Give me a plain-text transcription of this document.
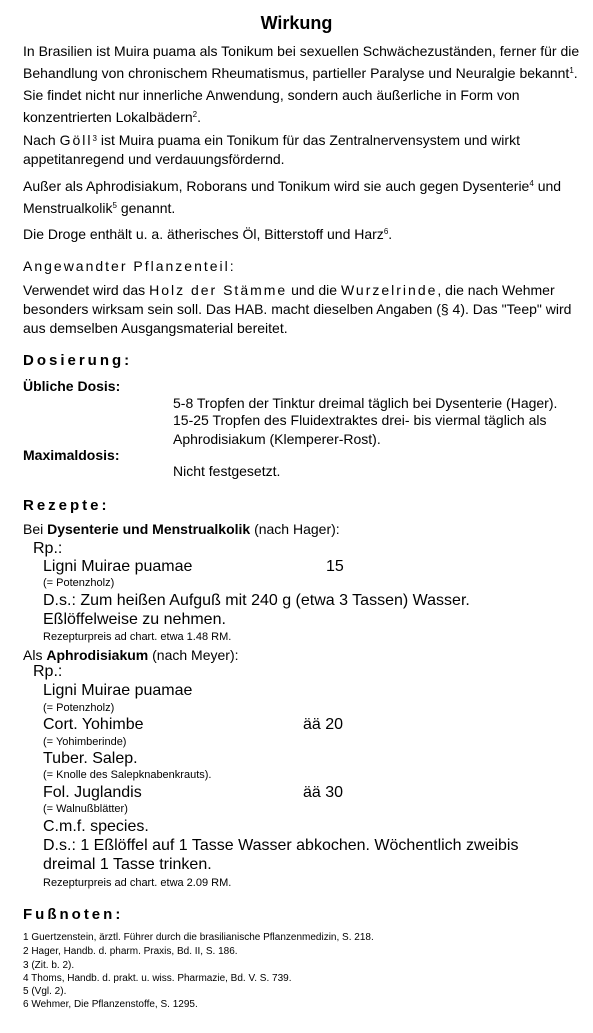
Wirkung

In Brasilien ist Muira puama als Tonikum bei sexuellen Schwächezuständen, ferner für die Behandlung von chronischem Rheumatismus, partieller Paralyse und Neuralgie bekannt$^1$. Sie findet nicht nur innerliche Anwendung, sondern auch äußerliche in Form von konzentrierten Lokalbädern$^2$.

Nach Göll$^3$ ist Muira puama ein Tonikum für das Zentralnervensystem und wirkt appetitanregend und verdauungsfördernd.

Außer als Aphrodisiakum, Roborans und Tonikum wird sie auch gegen Dysenterie$^4$ und Menstrualkolik$^5$ genannt.

Die Droge enthält u. a. ätherisches Öl, Bitterstoff und Harz$^6$.

Angewandter Pflanzenteil:

Verwendet wird das Holz der Stämme und die Wurzelrinde, die nach Wehmer besonders wirksam sein soll. Das HAB. macht dieselben Angaben (§ 4). Das "Teep" wird aus demselben Ausgangsmaterial bereitet.

Dosierung:
Übliche Dosis:
5-8 Tropfen der Tinktur dreimal täglich bei Dysenterie (Hager).
15-25 Tropfen des Fluidextraktes drei- bis viermal täglich als Aphrodisiakum (Klemperer-Rost).
Maximaldosis:
Nicht festgesetzt.
Rezepte:
Bei Dysenterie und Menstrualkolik (nach Hager):
Rp.:
Ligni Muirae puamae	15
(= Potenzholz)
D.s.: Zum heißen Aufguß mit 240 g (etwa 3 Tassen) Wasser.
Eßlöffelweise zu nehmen.
Rezepturpreis ad chart. etwa 1.48 RM.
Als Aphrodisiakum (nach Meyer):
Rp.:
Ligni Muirae puamae
(= Potenzholz)
Cort. Yohimbe	ää 20
(= Yohimberinde)
Tuber. Salep.
(= Knolle des Salepknabenkrauts).
Fol. Juglandis	ää 30
(= Walnußblätter)
C.m.f. species.
D.s.: 1 Eßlöffel auf 1 Tasse Wasser abkochen. Wöchentlich zweibis
dreimal 1 Tasse trinken.
Rezepturpreis ad chart. etwa 2.09 RM.
Fußnoten:
1 Guertzenstein, ärztl. Führer durch die brasilianische Pflanzenmedizin, S. 218.
2 Hager, Handb. d. pharm. Praxis, Bd. II, S. 186.
3 (Zit. b. 2).
4 Thoms, Handb. d. prakt. u. wiss. Pharmazie, Bd. V. S. 739.
5 (Vgl. 2).
6 Wehmer, Die Pflanzenstoffe, S. 1295.
